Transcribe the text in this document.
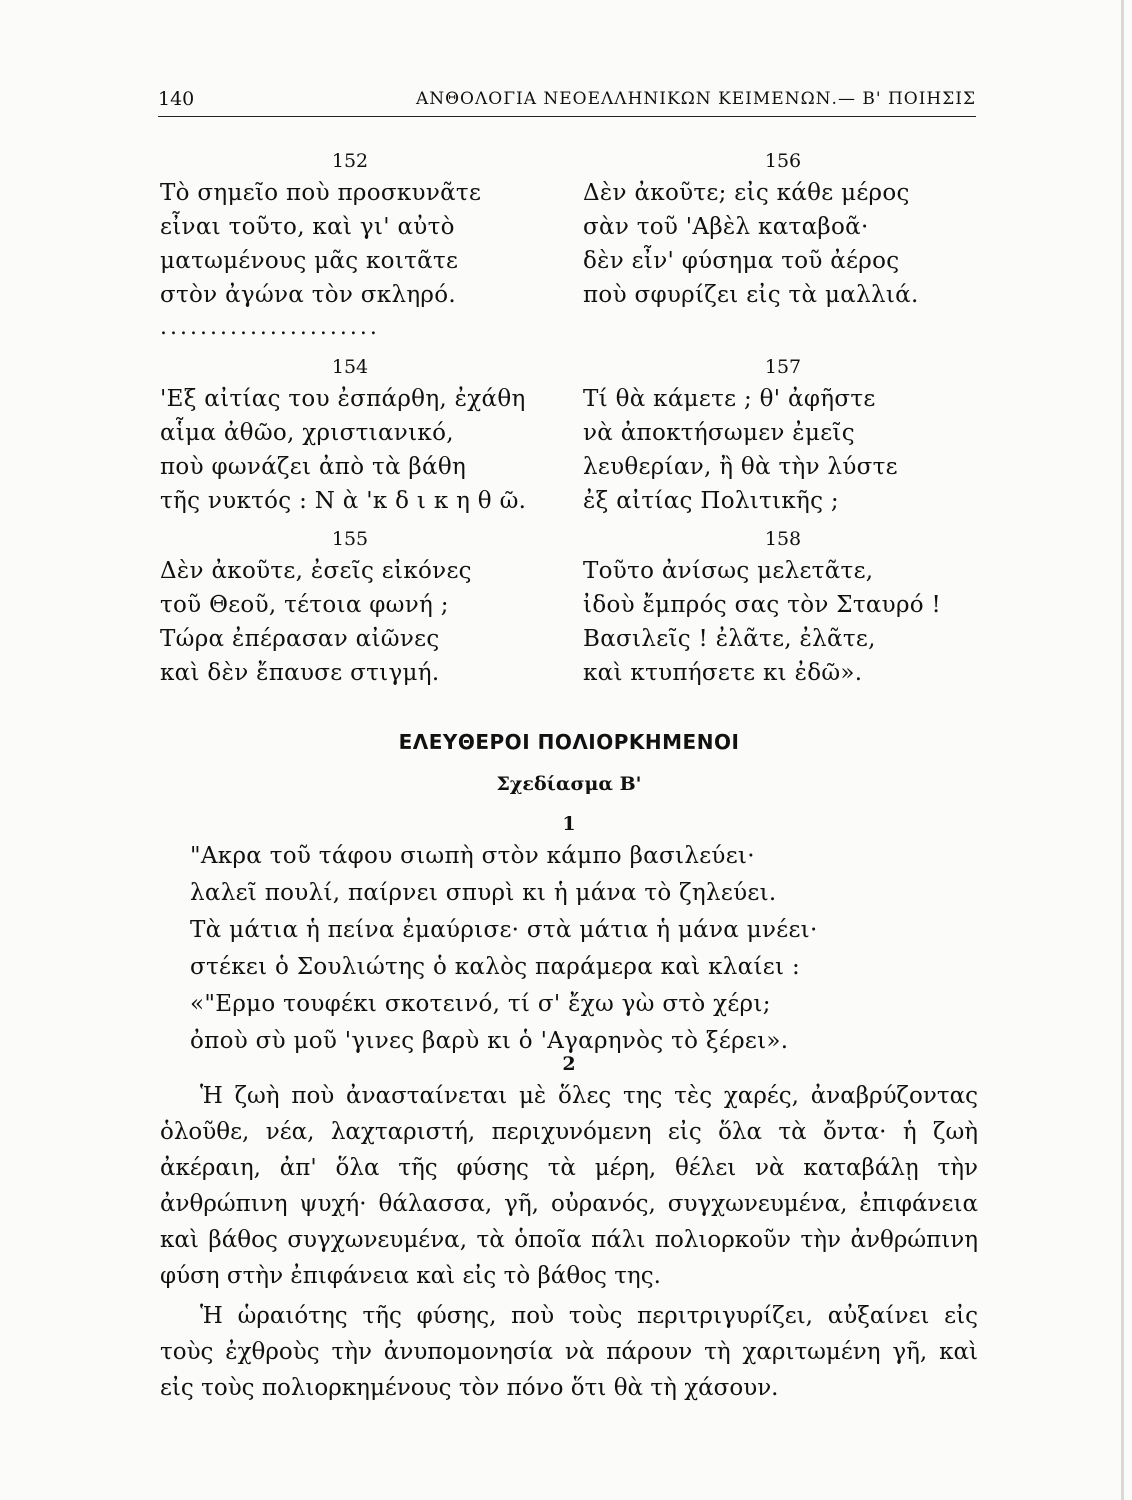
140	ΑΝΘΟΛΟΓΙΑ ΝΕΟΕΛΛΗΝΙΚΩΝ ΚΕΙΜΕΝΩΝ.— Β' ΠΟΙΗΣΙΣ
152
Τὸ σημεῖο ποὺ προσκυνᾶτε
εἶναι τοῦτο, καὶ γι' αὐτὸ
ματωμένους μᾶς κοιτᾶτε
στὸν ἀγώνα τὸν σκληρό.
......................
154
'Εξ αἰτίας του ἐσπάρθη, ἐχάθη
αἷμα ἀθῶο, χριστιανικό,
ποὺ φωνάζει ἀπὸ τὰ βάθη
τῆς νυκτός : Ν ὰ 'κ δ ι κ η θ ῶ.
155
Δὲν ἀκοῦτε, ἐσεῖς εἰκόνες
τοῦ Θεοῦ, τέτοια φωνή ;
Τώρα ἐπέρασαν αἰῶνες
καὶ δὲν ἔπαυσε στιγμή.
156
Δὲν ἀκοῦτε; εἰς κάθε μέρος
σὰν τοῦ 'Αβὲλ καταβοᾶ·
δὲν εἶν' φύσημα τοῦ ἀέρος
ποὺ σφυρίζει εἰς τὰ μαλλιά.
157
Τί θὰ κάμετε ; θ' ἀφῆστε
νὰ ἀποκτήσωμεν ἐμεῖς
λευθερίαν, ἢ θὰ τὴν λύστε
ἐξ αἰτίας Πολιτικῆς ;
158
Τοῦτο ἀνίσως μελετᾶτε,
ἰδοὺ ἔμπρός σας τὸν Σταυρό !
Βασιλεῖς ! ἐλᾶτε, ἐλᾶτε,
καὶ κτυπήσετε κι ἐδῶ».
ΕΛΕΥΘΕΡΟΙ ΠΟΛΙΟΡΚΗΜΕΝΟΙ
Σχεδίασμα Β'
1
"Ακρα τοῦ τάφου σιωπὴ στὸν κάμπο βασιλεύει·
λαλεῖ πουλί, παίρνει σπυρὶ κι ἡ μάνα τὸ ζηλεύει.
Τὰ μάτια ἡ πείνα ἐμαύρισε· στὰ μάτια ἡ μάνα μνέει·
στέκει ὁ Σουλιώτης ὁ καλὸς παράμερα καὶ κλαίει :
«"Ερμο τουφέκι σκοτεινό, τί σ' ἔχω γὼ στὸ χέρι;
ὀποὺ σὺ μοῦ 'γινες βαρὺ κι ὁ 'Αγαρηνὸς τὸ ξέρει».
2

Ἡ ζωὴ ποὺ ἀνασταίνεται μὲ ὅλες της τὲς χαρές, ἀναβρύζοντας ὁλοῦθε, νέα, λαχταριστή, περιχυνόμενη εἰς ὅλα τὰ ὄντα· ἡ ζωὴ ἀκέραιη, ἀπ' ὅλα τῆς φύσης τὰ μέρη, θέλει νὰ καταβάλῃ τὴν ἀνθρώπινη ψυχή· θάλασσα, γῆ, οὐρανός, συγχωνευμένα, ἐπιφάνεια καὶ βάθος συγχωνευμένα, τὰ ὁποῖα πάλι πολιορκοῦν τὴν ἀνθρώπινη φύση στὴν ἐπιφάνεια καὶ εἰς τὸ βάθος της.

Ἡ ὡραιότης τῆς φύσης, ποὺ τοὺς περιτριγυρίζει, αὐξαίνει εἰς τοὺς ἐχθροὺς τὴν ἀνυπομονησία νὰ πάρουν τὴ χαριτωμένη γῆ, καὶ εἰς τοὺς πολιορκημένους τὸν πόνο ὅτι θὰ τὴ χάσουν.
